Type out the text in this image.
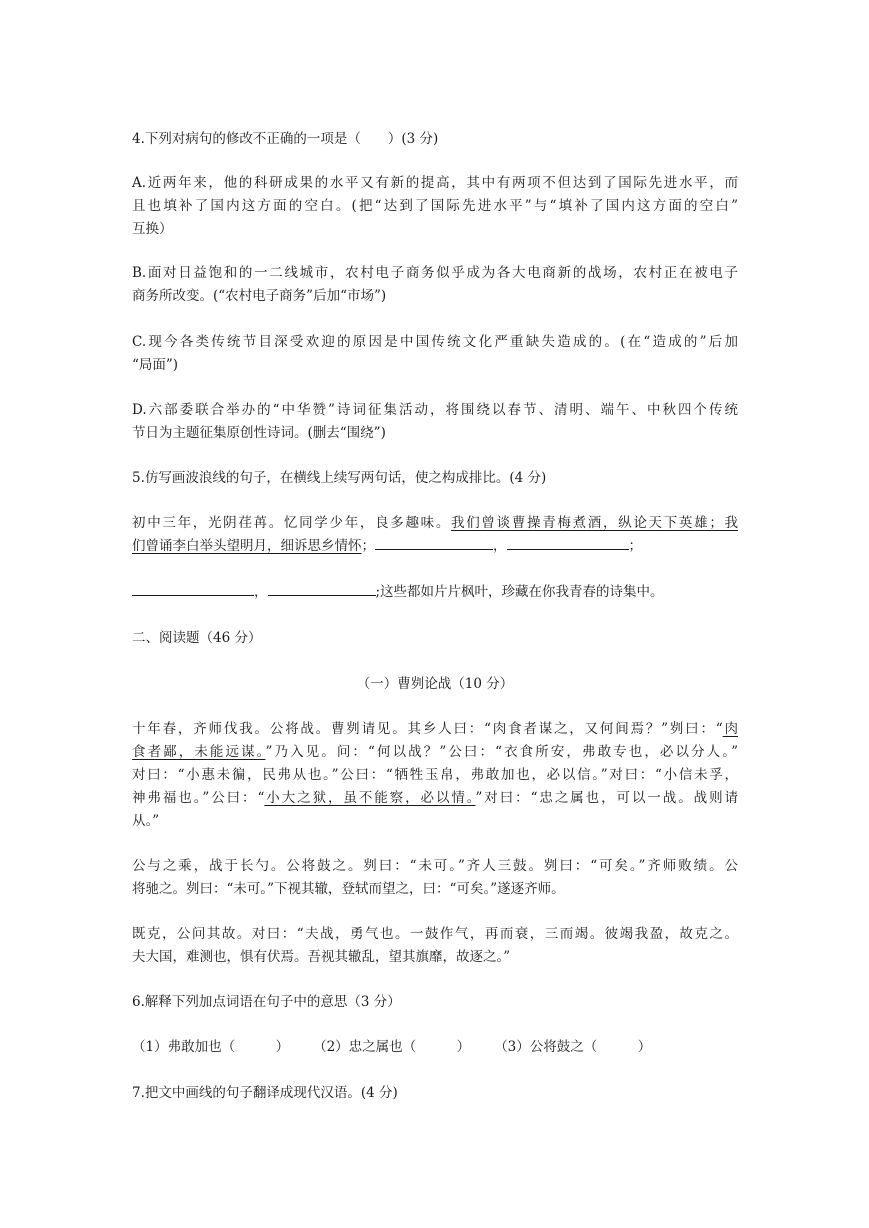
4.下列对病句的修改不正确的一项是（　　）(3 分)
A.近两年来，他的科研成果的水平又有新的提高，其中有两项不但达到了国际先进水平，而
且也填补了国内这方面的空白。(把“达到了国际先进水平”与“填补了国内这方面的空白”
互换）
B.面对日益饱和的一二线城市，农村电子商务似乎成为各大电商新的战场，农村正在被电子
商务所改变。(“农村电子商务”后加“市场”)
C.现今各类传统节目深受欢迎的原因是中国传统文化严重缺失造成的。(在“造成的”后加
“局面”)
D.六部委联合举办的“中华赞”诗词征集活动，将围绕以春节、清明、端午、中秋四个传统
节日为主题征集原创性诗词。(删去“围绕”)
5.仿写画波浪线的句子，在横线上续写两句话，使之构成排比。(4 分)
初中三年，光阴荏苒。忆同学少年，良多趣味。我们曾谈曹操青梅煮酒，纵论天下英雄；我
们曾诵李白举头望明月，细诉思乡情怀；	，	；
，	;这些都如片片枫叶，珍藏在你我青春的诗集中。
二、阅读题（46 分）
（一）曹刿论战（10 分）
十年春，齐师伐我。公将战。曹刿请见。其乡人曰：“肉食者谋之，又何间焉？”刿曰：“肉
食者鄙，未能远谋。”乃入见。问：“何以战？”公曰：“衣食所安，弗敢专也，必以分人。”
对曰：“小惠未徧，民弗从也。”公曰：“牺牲玉帛，弗敢加也，必以信。”对曰：“小信未孚，
神弗福也。”公曰：“小大之狱，虽不能察，必以情。”对曰：“忠之属也，可以一战。战则请
从。”
公与之乘，战于长勺。公将鼓之。刿曰：“未可。”齐人三鼓。刿曰：“可矣。”齐师败绩。公
将驰之。刿曰：“未可。”下视其辙，登轼而望之，曰：“可矣。”遂逐齐师。
既克，公问其故。对曰：“夫战，勇气也。一鼓作气，再而衰，三而竭。彼竭我盈，故克之。
夫大国，难测也，惧有伏焉。吾视其辙乱，望其旗靡，故逐之。”
6.解释下列加点词语在句子中的意思（3 分）
（1）弗敢加也（　　　） （2）忠之属也（　　　） （3）公将鼓之（　　　）
7.把文中画线的句子翻译成现代汉语。(4 分)
